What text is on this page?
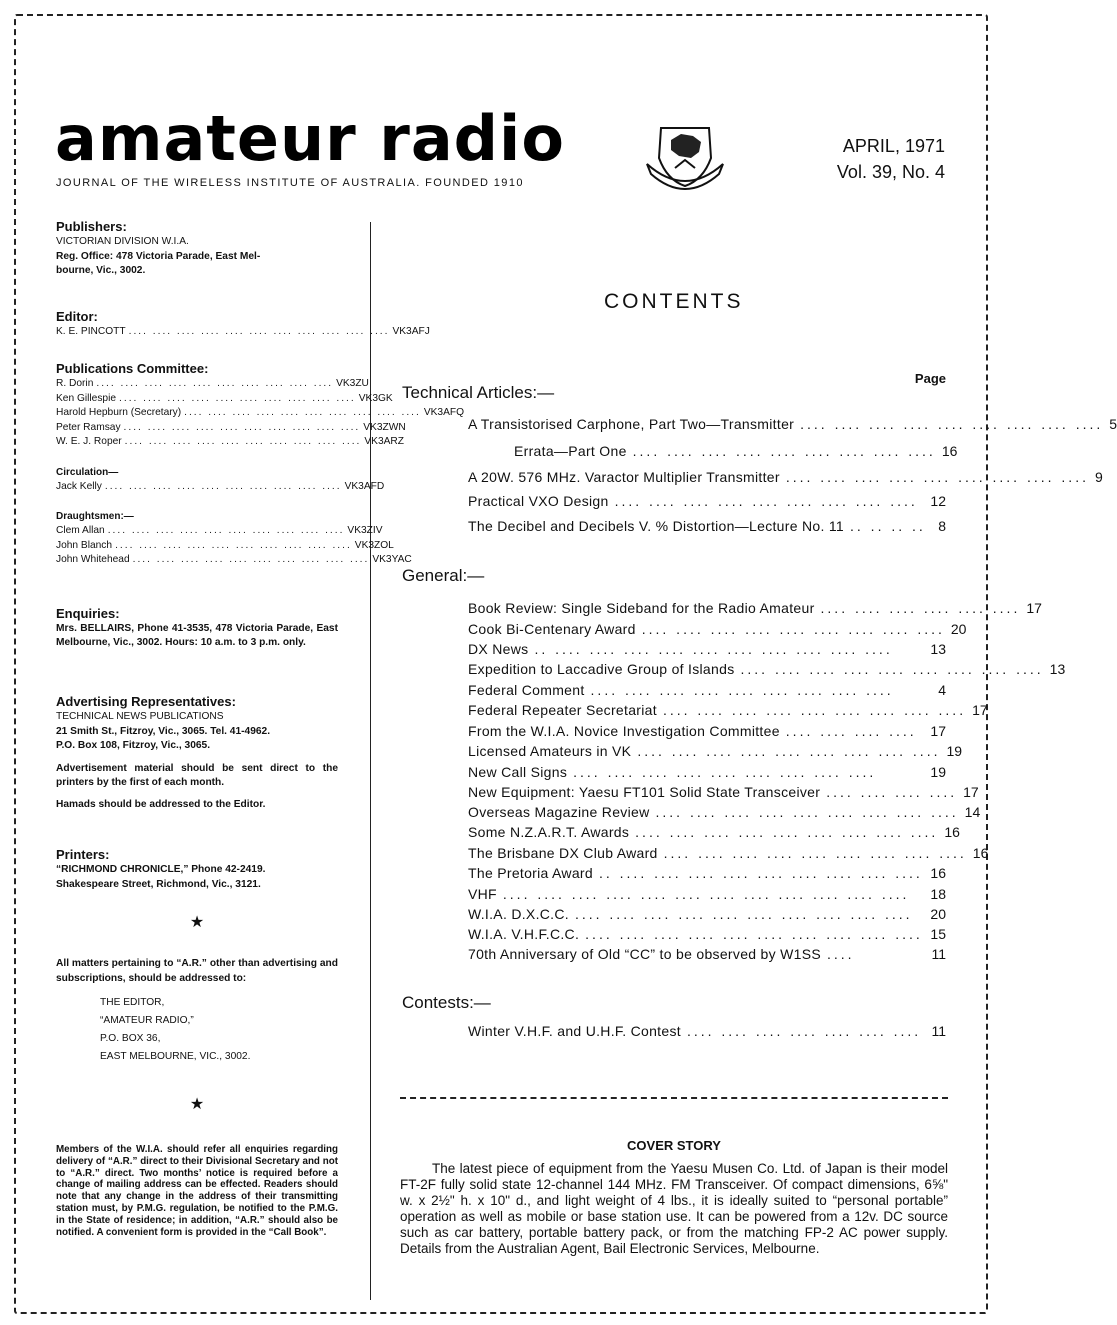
amateur radio
JOURNAL OF THE WIRELESS INSTITUTE OF AUSTRALIA. FOUNDED 1910
APRIL, 1971
Vol. 39, No. 4
Publishers:
VICTORIAN DIVISION W.I.A.
Reg. Office: 478 Victoria Parade, East Mel-
bourne, Vic., 3002.
Editor:
K. E. PINCOTT .... .... .... .... .... .... .... .... .... .... .... VK3AFJ
Publications Committee:
R. Dorin .... .... .... .... .... .... .... .... .... .... VK3ZU
Ken Gillespie .... .... .... .... .... .... .... .... .... .... VK3GK
Harold Hepburn (Secretary) .... .... .... .... .... .... .... .... .... .... VK3AFQ
Peter Ramsay .... .... .... .... .... .... .... .... .... .... VK3ZWN
W. E. J. Roper .... .... .... .... .... .... .... .... .... .... VK3ARZ
Circulation—
Jack Kelly .... .... .... .... .... .... .... .... .... .... VK3AFD
Draughtsmen:—
Clem Allan .... .... .... .... .... .... .... .... .... .... VK3ZIV
John Blanch .... .... .... .... .... .... .... .... .... .... VK3ZOL
John Whitehead .... .... .... .... .... .... .... .... .... .... VK3YAC
Enquiries:
Mrs. BELLAIRS, Phone 41-3535, 478 Victoria Parade, East Melbourne, Vic., 3002. Hours: 10 a.m. to 3 p.m. only.
Advertising Representatives:
TECHNICAL NEWS PUBLICATIONS
21 Smith St., Fitzroy, Vic., 3065. Tel. 41-4962.
P.O. Box 108, Fitzroy, Vic., 3065.
Advertisement material should be sent direct to the printers by the first of each month.
Hamads should be addressed to the Editor.
Printers:
“RICHMOND CHRONICLE,” Phone 42-2419.
Shakespeare Street, Richmond, Vic., 3121.
★
All matters pertaining to “A.R.” other than advertising and subscriptions, should be addressed to:
THE EDITOR,
“AMATEUR RADIO,”
P.O. BOX 36,
EAST MELBOURNE, VIC., 3002.
★
Members of the W.I.A. should refer all enquiries regarding delivery of “A.R.” direct to their Divisional Secretary and not to “A.R.” direct. Two months’ notice is required before a change of mailing address can be effected. Readers should note that any change in the address of their transmitting station must, by P.M.G. regulation, be notified to the P.M.G. in the State of residence; in addition, “A.R.” should also be notified. A convenient form is provided in the “Call Book”.
CONTENTS
Page
Technical Articles:—
General:—
Contests:—
A Transistorised Carphone, Part Two—Transmitter .... .... .... .... .... .... .... .... .... 5
Errata—Part One .... .... .... .... .... .... .... .... .... 16
A 20W. 576 MHz. Varactor Multiplier Transmitter .... .... .... .... .... .... .... .... .... 9
Practical VXO Design .... .... .... .... .... .... .... .... .... 12
The Decibel and Decibels V. % Distortion—Lecture No. 11 .. .. .. .. 8
Book Review: Single Sideband for the Radio Amateur .... .... .... .... .... .... 17
Cook Bi-Centenary Award .... .... .... .... .... .... .... .... .... 20
DX News .. .... .... .... .... .... .... .... .... .... ....	13
Expedition to Laccadive Group of Islands .... .... .... .... .... .... .... .... .... 13
Federal Comment .... .... .... .... .... .... .... .... ....	4
Federal Repeater Secretariat .... .... .... .... .... .... .... .... .... 17
From the W.I.A. Novice Investigation Committee .... .... .... .... 17
Licensed Amateurs in VK .... .... .... .... .... .... .... .... .... 19
New Call Signs .... .... .... .... .... .... .... .... ....	19
New Equipment: Yaesu FT101 Solid State Transceiver .... .... .... .... 17
Overseas Magazine Review .... .... .... .... .... .... .... .... .... 14
Some N.Z.A.R.T. Awards .... .... .... .... .... .... .... .... .... 16
The Brisbane DX Club Award .... .... .... .... .... .... .... .... .... 16
The Pretoria Award .. .... .... .... .... .... .... .... .... .... 16
VHF .... .... .... .... .... .... .... .... .... .... .... ....	18
W.I.A. D.X.C.C. .... .... .... .... .... .... .... .... .... ....	20
W.I.A. V.H.F.C.C. .... .... .... .... .... .... .... .... .... .... 15
70th Anniversary of Old “CC” to be observed by W1SS ....	11
Winter V.H.F. and U.H.F. Contest .... .... .... .... .... .... .... 11
COVER STORY
The latest piece of equipment from the Yaesu Musen Co. Ltd. of Japan is their model FT-2F fully solid state 12-channel 144 MHz. FM Transceiver. Of compact dimensions, 6⅝" w. x 2½" h. x 10" d., and light weight of 4 lbs., it is ideally suited to “personal portable” operation as well as mobile or base station use. It can be powered from a 12v. DC source such as car battery, portable battery pack, or from the matching FP-2 AC power supply. Details from the Australian Agent, Bail Electronic Services, Melbourne.
